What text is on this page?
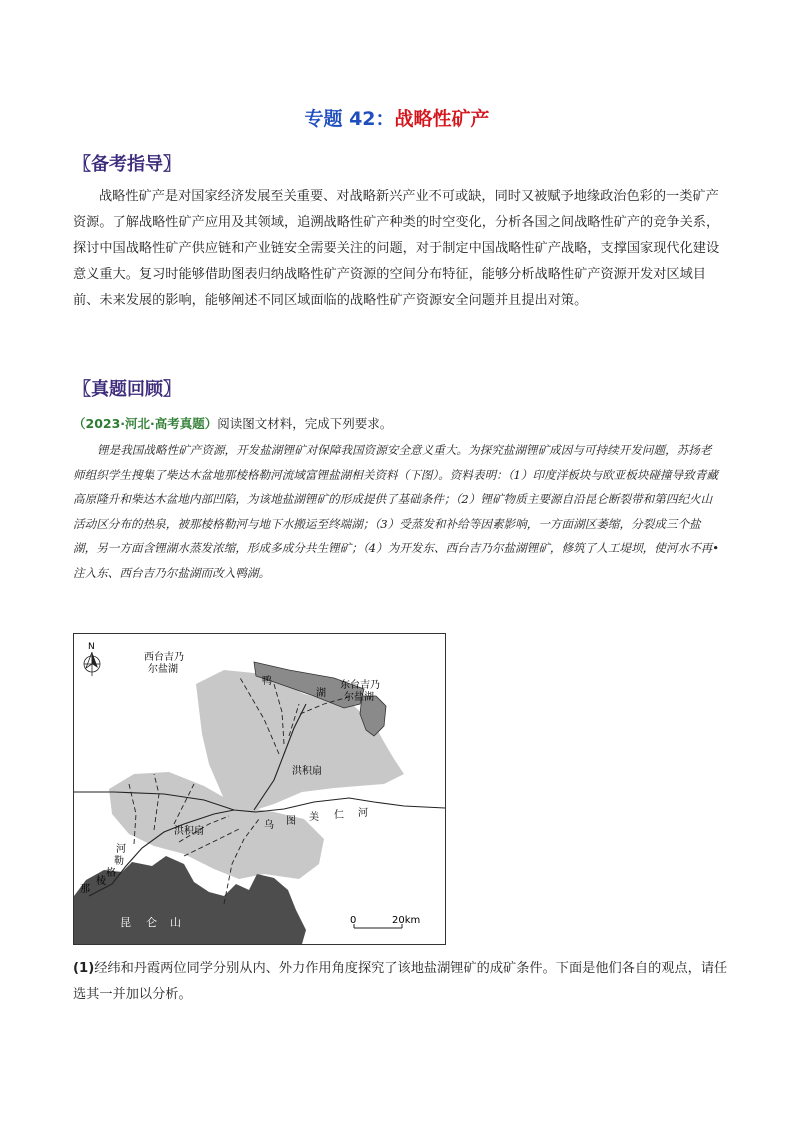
专题 42：战略性矿产
〖备考指导〗
战略性矿产是对国家经济发展至关重要、对战略新兴产业不可或缺，同时又被赋予地缘政治色彩的一类矿产资源。了解战略性矿产应用及其领域，追溯战略性矿产种类的时空变化，分析各国之间战略性矿产的竞争关系，探讨中国战略性矿产供应链和产业链安全需要关注的问题，对于制定中国战略性矿产战略，支撑国家现代化建设意义重大。复习时能够借助图表归纳战略性矿产资源的空间分布特征，能够分析战略性矿产资源开发对区域目前、未来发展的影响，能够阐述不同区域面临的战略性矿产资源安全问题并且提出对策。
〖真题回顾〗
（2023·河北·高考真题）阅读图文材料，完成下列要求。
锂是我国战略性矿产资源，开发盐湖锂矿对保障我国资源安全意义重大。为探究盐湖锂矿成因与可持续开发问题，苏扬老师组织学生搜集了柴达木盆地那棱格勒河流域富锂盐湖相关资料（下图）。资料表明：（1）印度洋板块与欧亚板块碰撞导致青藏高原隆升和柴达木盆地内部凹陷，为该地盐湖锂矿的形成提供了基础条件；（2）锂矿物质主要源自沿昆仑断裂带和第四纪火山活动区分布的热泉，被那棱格勒河与地下水搬运至终端湖；（3）受蒸发和补给等因素影响，一方面湖区萎缩，分裂成三个盐湖，另一方面含锂湖水蒸发浓缩，形成多成分共生锂矿；（4）为开发东、西台吉乃尔盐湖锂矿，修筑了人工堤坝，使河水不再•注入东、西台吉乃尔盐湖而改入鸭湖。
N
西台吉乃
尔盐湖
东台吉乃
尔盐湖
鸭
湖
洪积扇
洪积扇
乌 图 美 仁 河
河
勒
格
棱
那
昆 仑 山	0	20km
(1)经纬和丹霞两位同学分别从内、外力作用角度探究了该地盐湖锂矿的成矿条件。下面是他们各自的观点，请任选其一并加以分析。
